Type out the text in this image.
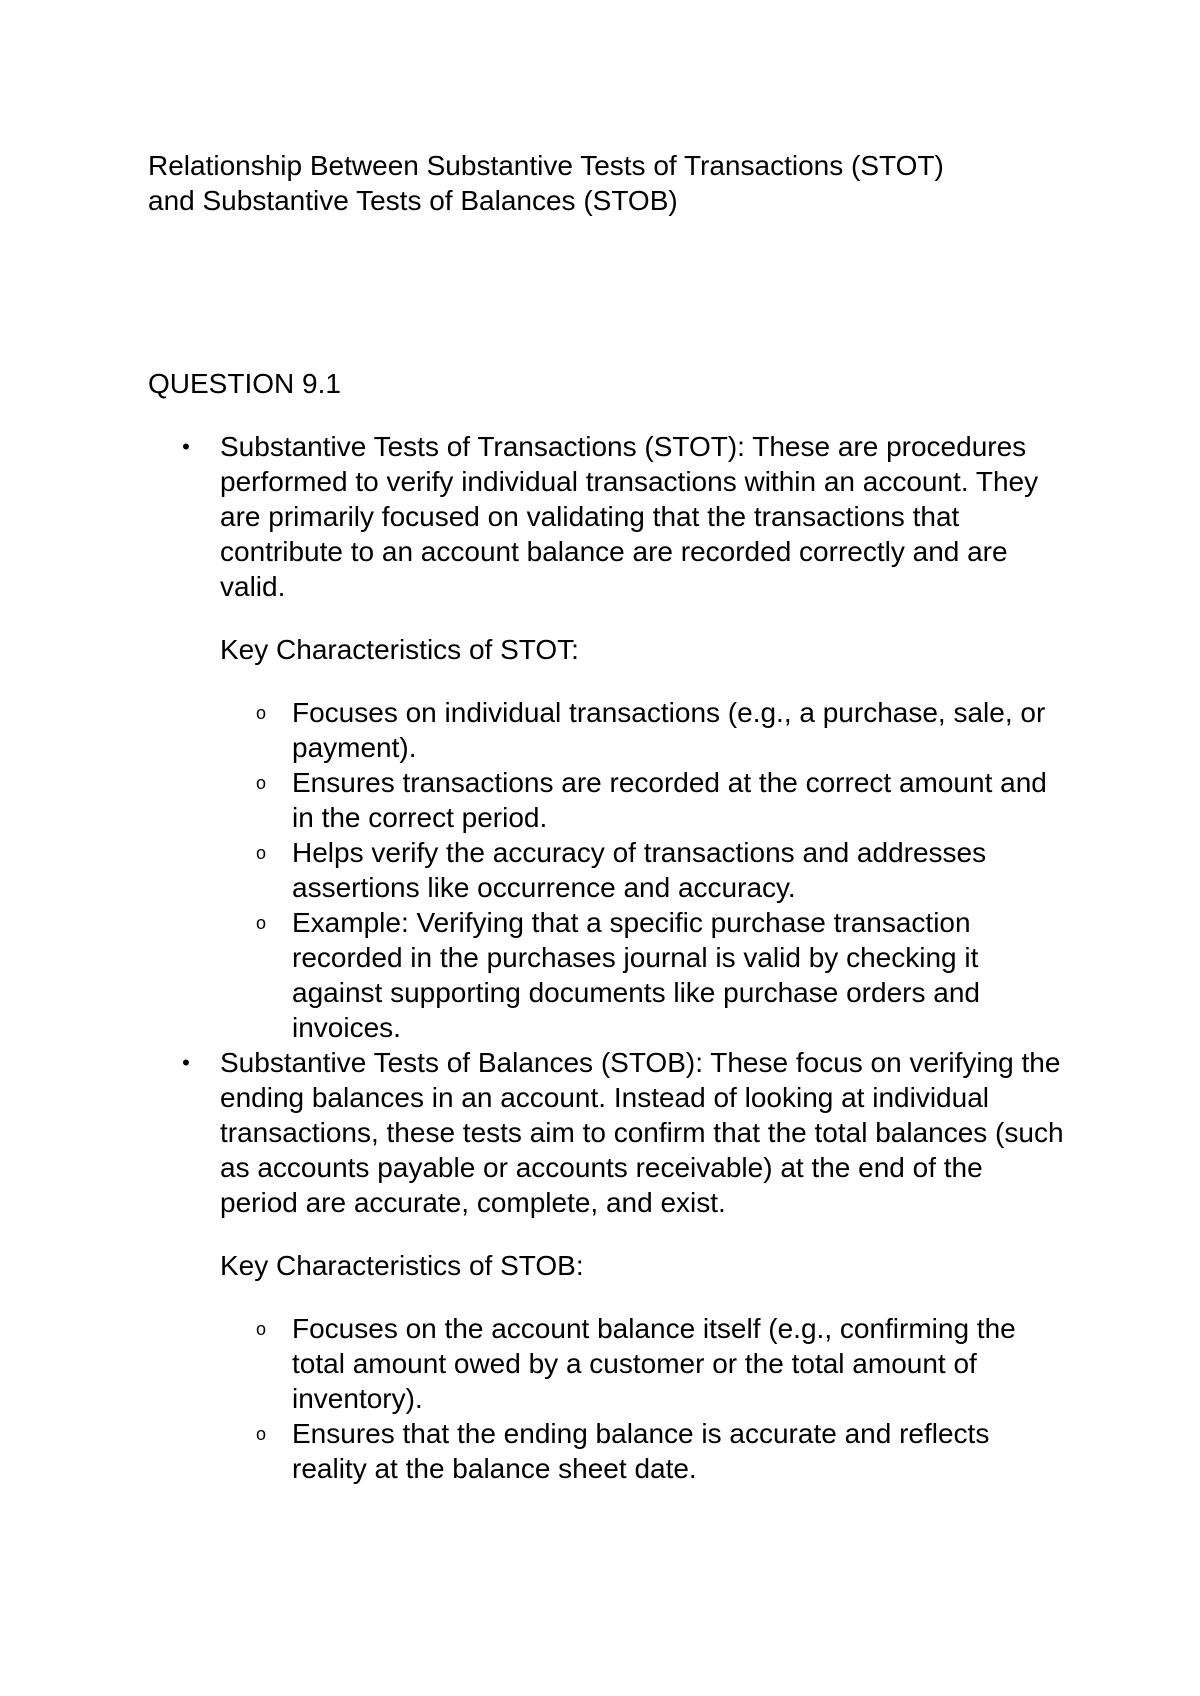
Relationship Between Substantive Tests of Transactions (STOT)
and Substantive Tests of Balances (STOB)

QUESTION 9.1

• Substantive Tests of Transactions (STOT): These are procedures performed to verify individual transactions within an account. They are primarily focused on validating that the transactions that contribute to an account balance are recorded correctly and are valid.

Key Characteristics of STOT:

o Focuses on individual transactions (e.g., a purchase, sale, or payment).
o Ensures transactions are recorded at the correct amount and in the correct period.
o Helps verify the accuracy of transactions and addresses assertions like occurrence and accuracy.
o Example: Verifying that a specific purchase transaction recorded in the purchases journal is valid by checking it against supporting documents like purchase orders and invoices.
• Substantive Tests of Balances (STOB): These focus on verifying the ending balances in an account. Instead of looking at individual transactions, these tests aim to confirm that the total balances (such as accounts payable or accounts receivable) at the end of the period are accurate, complete, and exist.

Key Characteristics of STOB:

o Focuses on the account balance itself (e.g., confirming the total amount owed by a customer or the total amount of inventory).
o Ensures that the ending balance is accurate and reflects reality at the balance sheet date.
